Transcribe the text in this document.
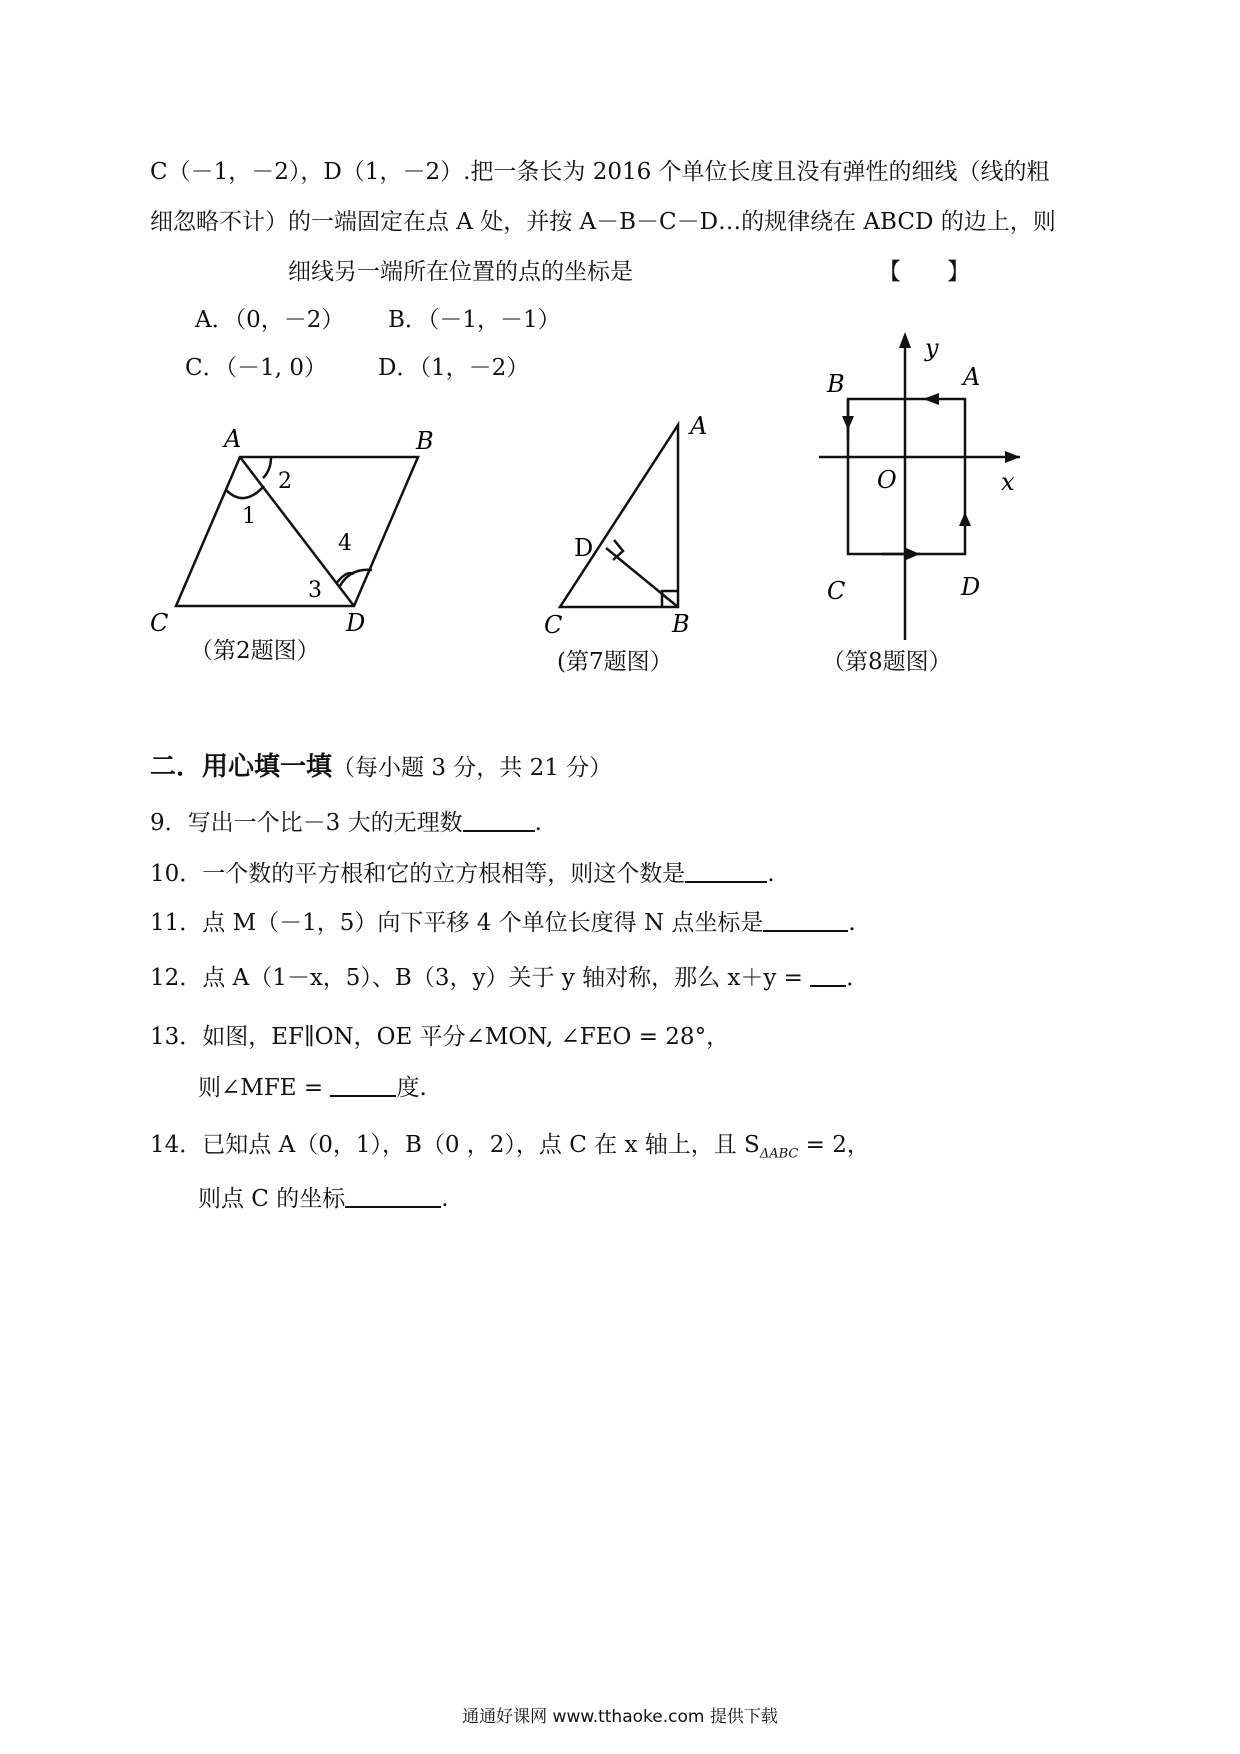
C（－1，－2），D（1，－2）.把一条长为 2016 个单位长度且没有弹性的细线（线的粗
细忽略不计）的一端固定在点 A 处，并按 A－B－C－D…的规律绕在 ABCD 的边上，则
细线另一端所在位置的点的坐标是	【　　】
A．（0，－2） B．（－1，－1）
C．（－1, 0） D．（1，－2）
A	B
C	D
1
2
3
4
（第2题图）
A
B
C
D
(第7题图）
A
B
C	D
O	x
y
（第8题图）
二．用心填一填（每小题 3 分，共 21 分）
9．写出一个比－3 大的无理数	.
10．一个数的平方根和它的立方根相等，则这个数是	.
11．点 M（－1，5）向下平移 4 个单位长度得 N 点坐标是	.
12．点 A（1－x，5）、B（3，y）关于 y 轴对称，那么 x＋y = ．
13．如图，EF∥ON，OE 平分∠MON, ∠FEO = 28°，
则∠MFE =	度.
14．已知点 A（0，1），B（0 ，2），点 C 在 x 轴上，且 $S_{\Delta ABC} = 2$，
则点 C 的坐标	.
通通好课网 www.tthaoke.com 提供下载
